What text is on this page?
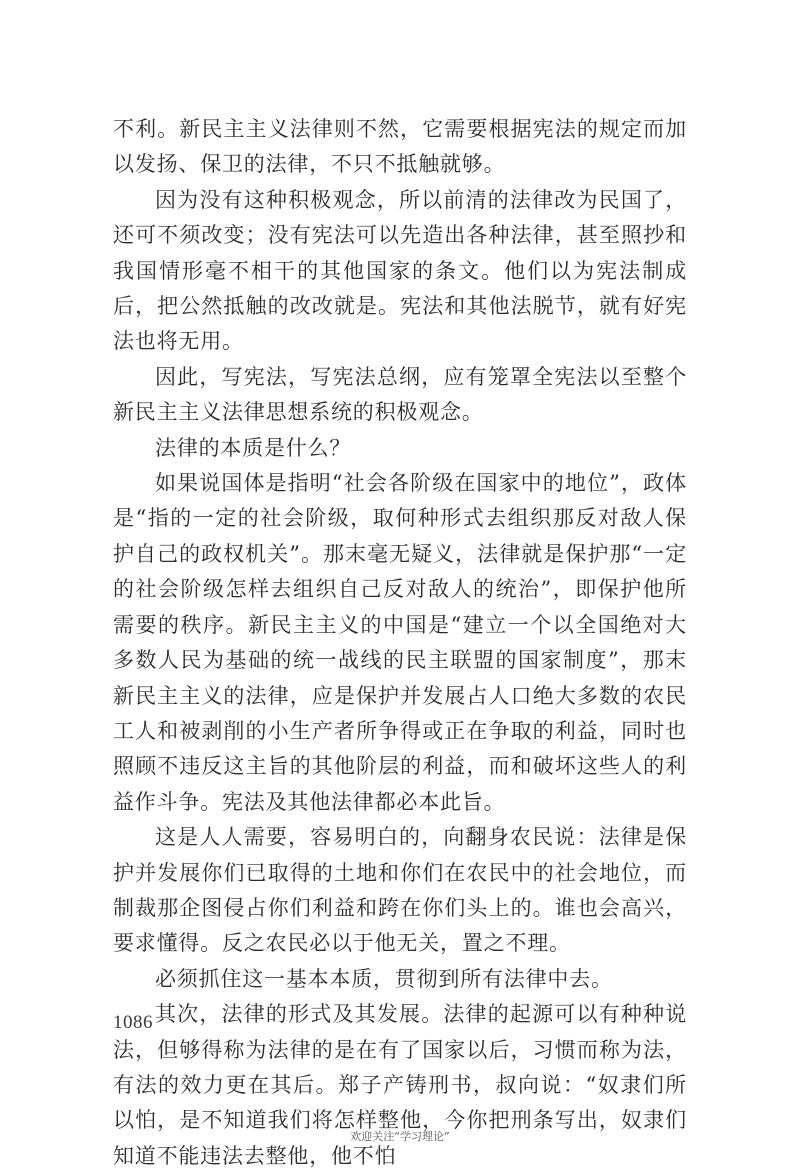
不利。新民主主义法律则不然，它需要根据宪法的规定而加以发扬、保卫的法律，不只不抵触就够。

因为没有这种积极观念，所以前清的法律改为民国了，还可不须改变；没有宪法可以先造出各种法律，甚至照抄和我国情形毫不相干的其他国家的条文。他们以为宪法制成后，把公然抵触的改改就是。宪法和其他法脱节，就有好宪法也将无用。

因此，写宪法，写宪法总纲，应有笼罩全宪法以至整个新民主主义法律思想系统的积极观念。

法律的本质是什么？

如果说国体是指明“社会各阶级在国家中的地位”，政体是“指的一定的社会阶级，取何种形式去组织那反对敌人保护自己的政权机关”。那末毫无疑义，法律就是保护那“一定的社会阶级怎样去组织自己反对敌人的统治”，即保护他所需要的秩序。新民主主义的中国是“建立一个以全国绝对大多数人民为基础的统一战线的民主联盟的国家制度”，那末新民主主义的法律，应是保护并发展占人口绝大多数的农民工人和被剥削的小生产者所争得或正在争取的利益，同时也照顾不违反这主旨的其他阶层的利益，而和破坏这些人的利益作斗争。宪法及其他法律都必本此旨。

这是人人需要，容易明白的，向翻身农民说：法律是保护并发展你们已取得的土地和你们在农民中的社会地位，而制裁那企图侵占你们利益和跨在你们头上的。谁也会高兴，要求懂得。反之农民必以于他无关，置之不理。

必须抓住这一基本本质，贯彻到所有法律中去。

其次，法律的形式及其发展。法律的起源可以有种种说法，但够得称为法律的是在有了国家以后，习惯而称为法，有法的效力更在其后。郑子产铸刑书，叔向说：“奴隶们所以怕，是不知道我们将怎样整他，今你把刑条写出，奴隶们知道不能违法去整他，他不怕

1086
欢迎关注“学习理论”
